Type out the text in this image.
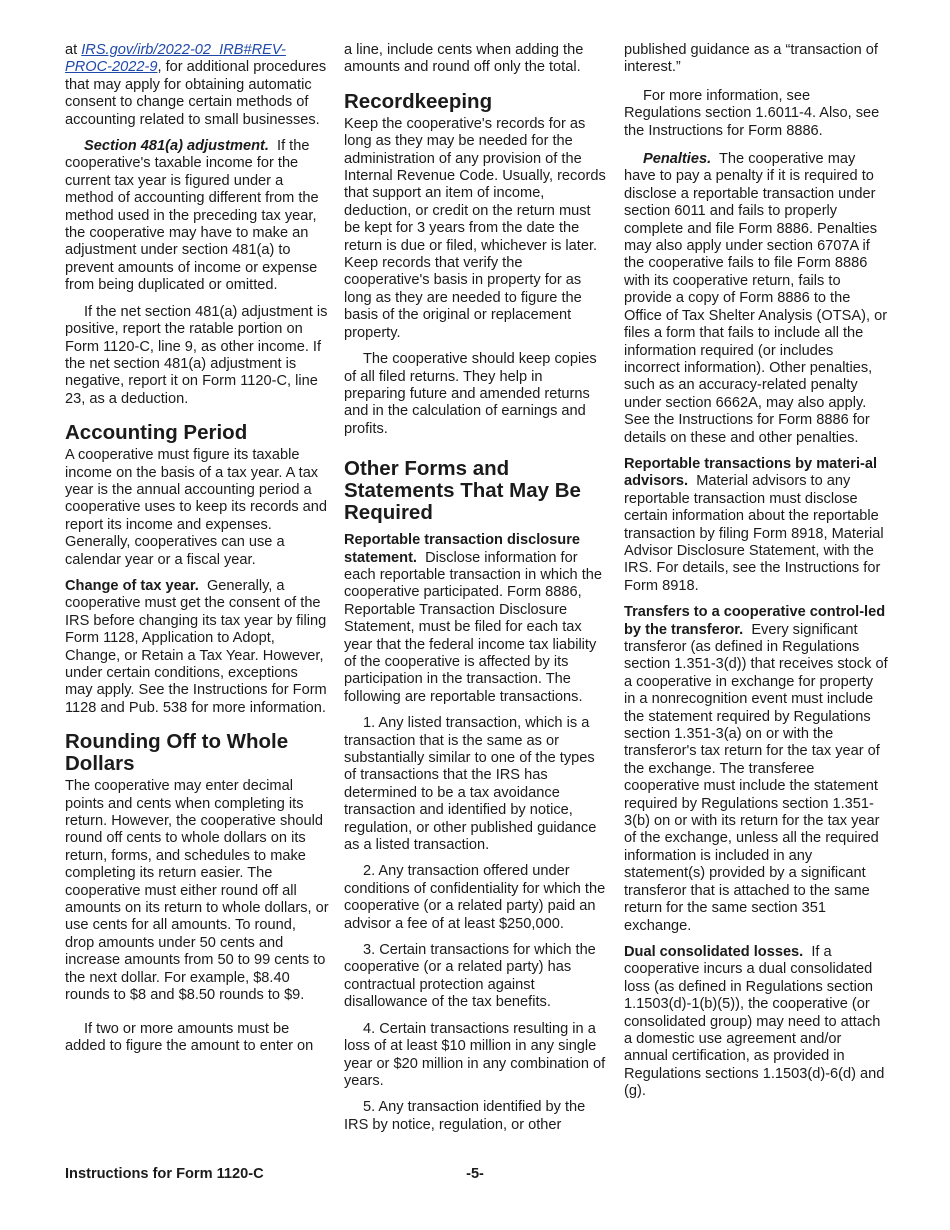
at IRS.gov/irb/2022-02_IRB#REV-PROC-2022-9, for additional procedures that may apply for obtaining automatic consent to change certain methods of accounting related to small businesses.

Section 481(a) adjustment. If the cooperative's taxable income for the current tax year is figured under a method of accounting different from the method used in the preceding tax year, the cooperative may have to make an adjustment under section 481(a) to prevent amounts of income or expense from being duplicated or omitted.

If the net section 481(a) adjustment is positive, report the ratable portion on Form 1120-C, line 9, as other income. If the net section 481(a) adjustment is negative, report it on Form 1120-C, line 23, as a deduction.

Accounting Period

A cooperative must figure its taxable income on the basis of a tax year. A tax year is the annual accounting period a cooperative uses to keep its records and report its income and expenses. Generally, cooperatives can use a calendar year or a fiscal year.

Change of tax year. Generally, a cooperative must get the consent of the IRS before changing its tax year by filing Form 1128, Application to Adopt, Change, or Retain a Tax Year. However, under certain conditions, exceptions may apply. See the Instructions for Form 1128 and Pub. 538 for more information.

Rounding Off to Whole Dollars

The cooperative may enter decimal points and cents when completing its return. However, the cooperative should round off cents to whole dollars on its return, forms, and schedules to make completing its return easier. The cooperative must either round off all amounts on its return to whole dollars, or use cents for all amounts. To round, drop amounts under 50 cents and increase amounts from 50 to 99 cents to the next dollar. For example, $8.40 rounds to $8 and $8.50 rounds to $9.

If two or more amounts must be added to figure the amount to enter on

a line, include cents when adding the amounts and round off only the total.

Recordkeeping

Keep the cooperative's records for as long as they may be needed for the administration of any provision of the Internal Revenue Code. Usually, records that support an item of income, deduction, or credit on the return must be kept for 3 years from the date the return is due or filed, whichever is later. Keep records that verify the cooperative's basis in property for as long as they are needed to figure the basis of the original or replacement property.

The cooperative should keep copies of all filed returns. They help in preparing future and amended returns and in the calculation of earnings and profits.

Other Forms and Statements That May Be Required

Reportable transaction disclosure statement. Disclose information for each reportable transaction in which the cooperative participated. Form 8886, Reportable Transaction Disclosure Statement, must be filed for each tax year that the federal income tax liability of the cooperative is affected by its participation in the transaction. The following are reportable transactions.

1. Any listed transaction, which is a transaction that is the same as or substantially similar to one of the types of transactions that the IRS has determined to be a tax avoidance transaction and identified by notice, regulation, or other published guidance as a listed transaction.

2. Any transaction offered under conditions of confidentiality for which the cooperative (or a related party) paid an advisor a fee of at least $250,000.

3. Certain transactions for which the cooperative (or a related party) has contractual protection against disallowance of the tax benefits.

4. Certain transactions resulting in a loss of at least $10 million in any single year or $20 million in any combination of years.

5. Any transaction identified by the IRS by notice, regulation, or other

published guidance as a “transaction of interest.”

For more information, see Regulations section 1.6011-4. Also, see the Instructions for Form 8886.

Penalties. The cooperative may have to pay a penalty if it is required to disclose a reportable transaction under section 6011 and fails to properly complete and file Form 8886. Penalties may also apply under section 6707A if the cooperative fails to file Form 8886 with its cooperative return, fails to provide a copy of Form 8886 to the Office of Tax Shelter Analysis (OTSA), or files a form that fails to include all the information required (or includes incorrect information). Other penalties, such as an accuracy-related penalty under section 6662A, may also apply. See the Instructions for Form 8886 for details on these and other penalties.

Reportable transactions by materi-al advisors. Material advisors to any reportable transaction must disclose certain information about the reportable transaction by filing Form 8918, Material Advisor Disclosure Statement, with the IRS. For details, see the Instructions for Form 8918.

Transfers to a cooperative control-led by the transferor. Every significant transferor (as defined in Regulations section 1.351-3(d)) that receives stock of a cooperative in exchange for property in a nonrecognition event must include the statement required by Regulations section 1.351-3(a) on or with the transferor's tax return for the tax year of the exchange. The transferee cooperative must include the statement required by Regulations section 1.351-3(b) on or with its return for the tax year of the exchange, unless all the required information is included in any statement(s) provided by a significant transferor that is attached to the same return for the same section 351 exchange.

Dual consolidated losses. If a cooperative incurs a dual consolidated loss (as defined in Regulations section 1.1503(d)-1(b)(5)), the cooperative (or consolidated group) may need to attach a domestic use agreement and/or annual certification, as provided in Regulations sections 1.1503(d)-6(d) and (g).

Instructions for Form 1120-C	-5-
